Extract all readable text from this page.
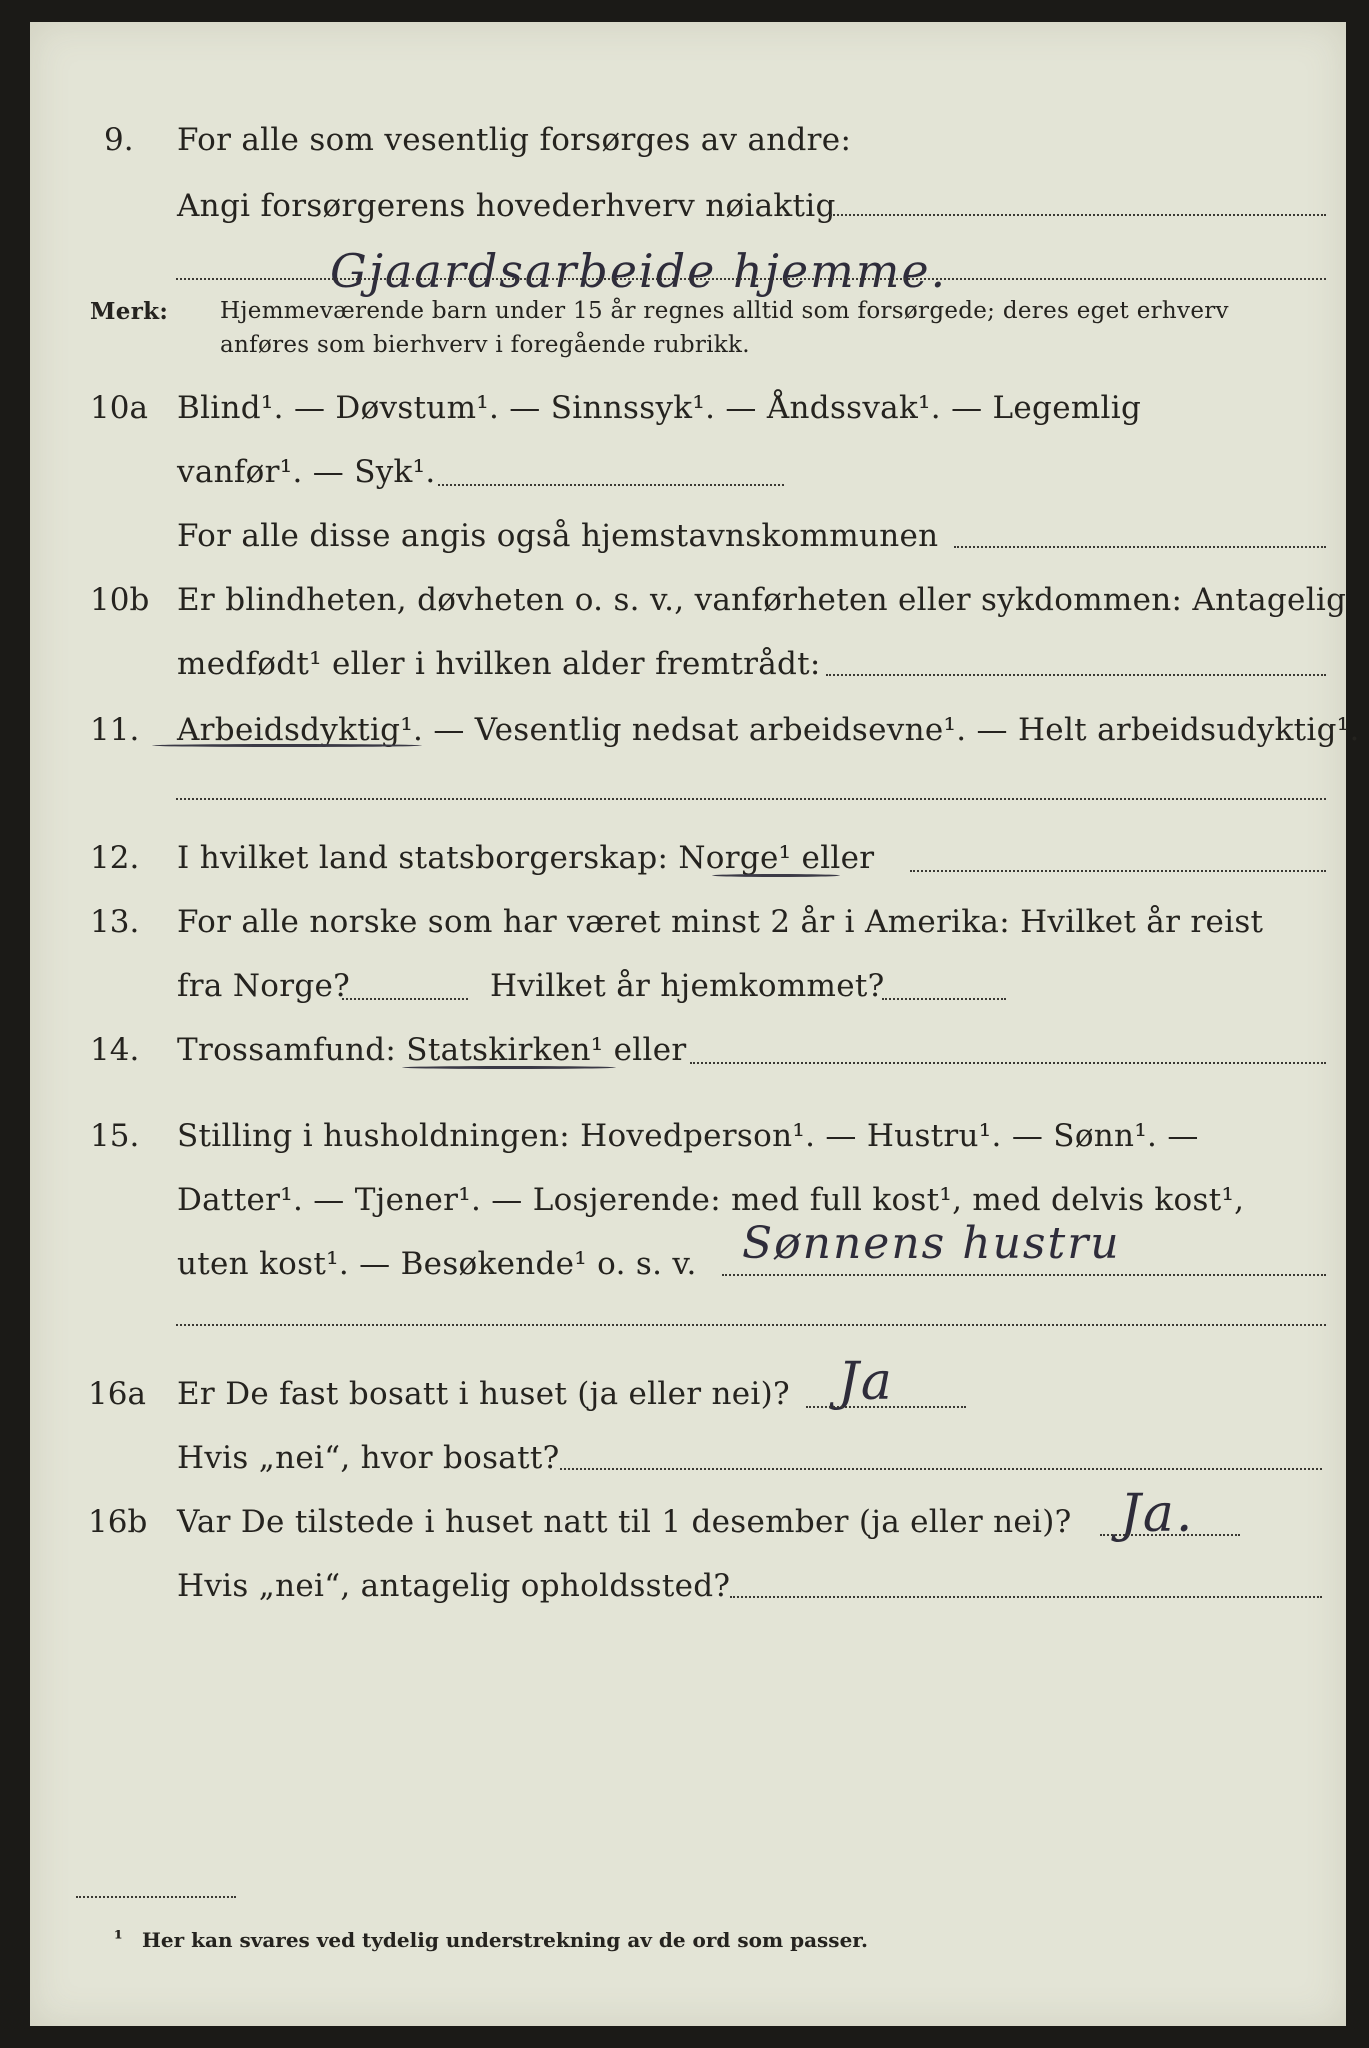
9. For alle som vesentlig forsørges av andre:
Angi forsørgerens hovederhverv nøiaktig
Gjaardsarbeide hjemme.
Merk: Hjemmeværende barn under 15 år regnes alltid som forsørgede; deres eget erhverv
anføres som bierhverv i foregående rubrikk.
10a Blind¹. — Døvstum¹. — Sinnssyk¹. — Åndssvak¹. — Legemlig
vanfør¹. — Syk¹.
For alle disse angis også hjemstavnskommunen
10b Er blindheten, døvheten o. s. v., vanførheten eller sykdommen: Antagelig
medfødt¹ eller i hvilken alder fremtrådt:
11. Arbeidsdyktig¹. — Vesentlig nedsat arbeidsevne¹. — Helt arbeidsudyktig¹.
12. I hvilket land statsborgerskap: Norge¹ eller
13. For alle norske som har været minst 2 år i Amerika: Hvilket år reist
fra Norge?	Hvilket år hjemkommet?
14. Trossamfund: Statskirken¹ eller
15. Stilling i husholdningen: Hovedperson¹. — Hustru¹. — Sønn¹. —
Datter¹. — Tjener¹. — Losjerende: med full kost¹, med delvis kost¹,
uten kost¹. — Besøkende¹ o. s. v. Sønnens hustru
16a Er De fast bosatt i huset (ja eller nei)? Ja
Hvis „nei“, hvor bosatt?
16b Var De tilstede i huset natt til 1 desember (ja eller nei)? Ja.
Hvis „nei“, antagelig opholdssted?
¹ Her kan svares ved tydelig understrekning av de ord som passer.
